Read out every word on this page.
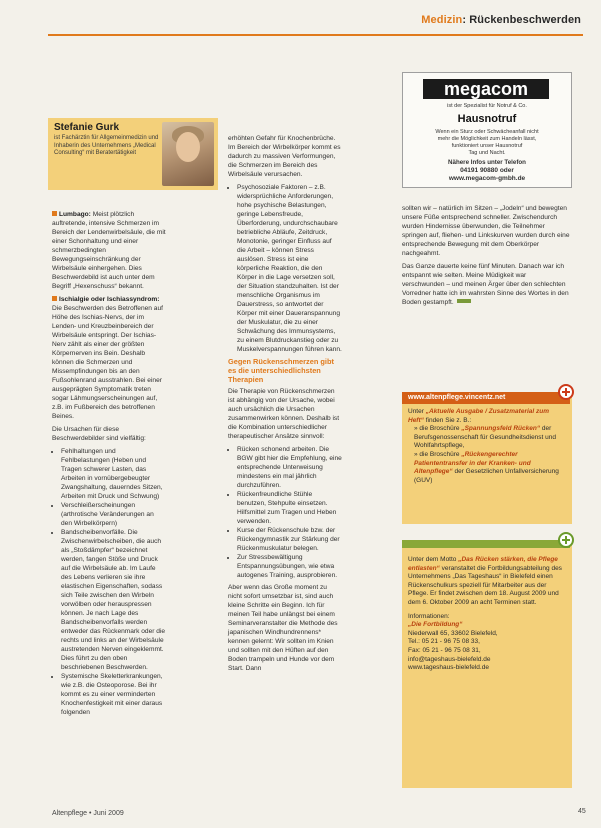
Medizin: Rückenbeschwerden
Stefanie Gurk
ist Fachärztin für Allgemeinmedizin und Inhaberin des Unternehmens „Medical Consulting“ mit Beratertätigkeit
megacom
ist der Spezialist für Notruf & Co.
Hausnotruf
Wenn ein Sturz oder Schwächeanfall nicht
mehr die Möglichkeit zum Handeln lässt,
funktioniert unser Hausnotruf
Tag und Nacht.
Nähere Infos unter Telefon
04191 90880 oder
www.megacom-gmbh.de

Lumbago: Meist plötzlich auftretende, intensive Schmerzen im Bereich der Lendenwirbelsäule, die mit einer Schonhaltung und einer schmerzbedingten Bewegungseinschränkung der Wirbelsäule einhergehen. Dies Beschwerdebild ist auch unter dem Begriff „Hexenschuss“ bekannt.

Ischialgie oder Ischiassyndrom: Die Beschwerden des Betroffenen auf Höhe des Ischias-Nervs, der im Lenden- und Kreuzbeinbereich der Wirbelsäule entspringt. Der Ischias-Nerv zählt als einer der größten Körpernerven ins Bein. Deshalb können die Schmerzen und Missempfindungen bis an den Fußsohlenrand ausstrahlen. Bei einer ausgeprägten Symptomatik treten sogar Lähmungserscheinungen auf, z.B. im Fußbereich des betroffenen Beines.

Die Ursachen für diese Beschwerdebilder sind vielfältig:

• Fehlhaltungen und Fehlbelastungen (Heben und Tragen schwerer Lasten, das Arbeiten in vornübergebeugter Zwangshaltung, dauerndes Sitzen, Arbeiten mit Druck und Schwung)
• Verschleißerscheinungen (arthrotische Veränderungen an den Wirbelkörpern)
• Bandscheibenvorfälle. Die Zwischenwirbelscheiben, die auch als „Stoßdämpfer“ bezeichnet werden, fangen Stöße und Druck auf die Wirbelsäule ab. Im Laufe des Lebens verlieren sie ihre elastischen Eigenschaften, sodass sich Teile zwischen den Wirbeln vorwölben oder herauspressen können. Je nach Lage des Bandscheibenvorfalls werden entweder das Rückenmark oder die rechts und links an der Wirbelsäule austretenden Nerven eingeklemmt. Dies führt zu den oben beschriebenen Beschwerden.
• Systemische Skeletterkrankungen, wie z.B. die Osteoporose. Bei ihr kommt es zu einer verminderten Knochenfestigkeit mit einer daraus folgenden

erhöhten Gefahr für Knochenbrüche. Im Bereich der Wirbelkörper kommt es dadurch zu massiven Verformungen, die Schmerzen im Bereich des Wirbelsäule verursachen.

• Psychosoziale Faktoren – z.B. widersprüchliche Anforderungen, hohe psychische Belastungen, geringe Lebensfreude, Überforderung, undurchschaubare betriebliche Abläufe, Zeitdruck, Monotonie, geringer Einfluss auf die Arbeit – können Stress auslösen. Stress ist eine körperliche Reaktion, die den Körper in die Lage versetzen soll, der Situation standzuhalten. Ist der menschliche Organismus im Dauerstress, so antwortet der Körper mit einer Daueranspannung der Muskulatur, die zu einer Schwächung des Immunsystems, zu einem Blutdruckanstieg oder zu Muskelverspannungen führen kann.
Gegen Rückenschmerzen gibt es die unterschiedlichsten Therapien

Die Therapie von Rückenschmerzen ist abhängig von der Ursache, wobei auch ursächlich die Ursachen zusammenwirken können. Deshalb ist die Kombination unterschiedlicher therapeutischer Ansätze sinnvoll:

• Rücken schonend arbeiten. Die BGW gibt hier die Empfehlung, eine entsprechende Unterweisung mindestens ein mal jährlich durchzuführen.
• Rückenfreundliche Stühle benutzen, Stehpulte einsetzen. Hilfsmittel zum Tragen und Heben verwenden.
• Kurse der Rückenschule bzw. der Rückengymnastik zur Stärkung der Rückenmuskulatur belegen.
• Zur Stressbewältigung Entspannungsübungen, wie etwa autogenes Training, ausprobieren.

Aber wenn das Große moment zu nicht sofort umsetzbar ist, sind auch kleine Schritte ein Beginn. Ich für meinen Teil habe unlängst bei einem Seminarveranstalter die Methode des japanischen Windhundrennens* kennen gelernt: Wir sollten im Knien und sollten mit den Hüften auf den Boden trampeln und Hunde vor dem Start. Dann

sollten wir – natürlich im Sitzen – „Jodeln“ und bewegten unsere Füße entsprechend schneller. Zwischendurch wurden Hindernisse überwunden, die Teilnehmer springen auf, fliehen- und Linkskurven wurden durch eine entsprechende Bewegung mit dem Oberkörper nachgeahmt.

Das Ganze dauerte keine fünf Minuten. Danach war ich entspannt wie selten. Meine Müdigkeit war verschwunden – und meinen Ärger über den schlechten Vorredner hatte ich im wahrsten Sinne des Wortes in den Boden gestampft.

www.altenpflege.vincentz.net
Unter „Aktuelle Ausgabe / Zusatzmaterial zum Heft“ finden Sie z. B.:
» die Broschüre „Spannungsfeld Rücken“ der Berufsgenossenschaft für Gesundheitsdienst und Wohlfahrtspflege,
» die Broschüre „Rückengerechter Patiententransfer in der Kranken- und Altenpflege“ der Gesetzlichen Unfallversicherung (GUV)

Unter dem Motto „Das Rücken stärken, die Pflege entlasten“ veranstaltet die Fortbildungsabteilung des Unternehmens „Das Tageshaus“ in Bielefeld einen Rückenschulkurs speziell für Mitarbeiter aus der Pflege. Er findet zwischen dem 18. August 2009 und dem 6. Oktober 2009 an acht Terminen statt.

Informationen:

„Die Fortbildung“

Niederwall 65, 33602 Bielefeld,

Tel.: 05 21 - 96 75 08 33,

Fax: 05 21 - 96 75 08 31,

info@tageshaus-bielefeld.de

www.tageshaus-bielefeld.de

Altenpflege • Juni 2009	45
